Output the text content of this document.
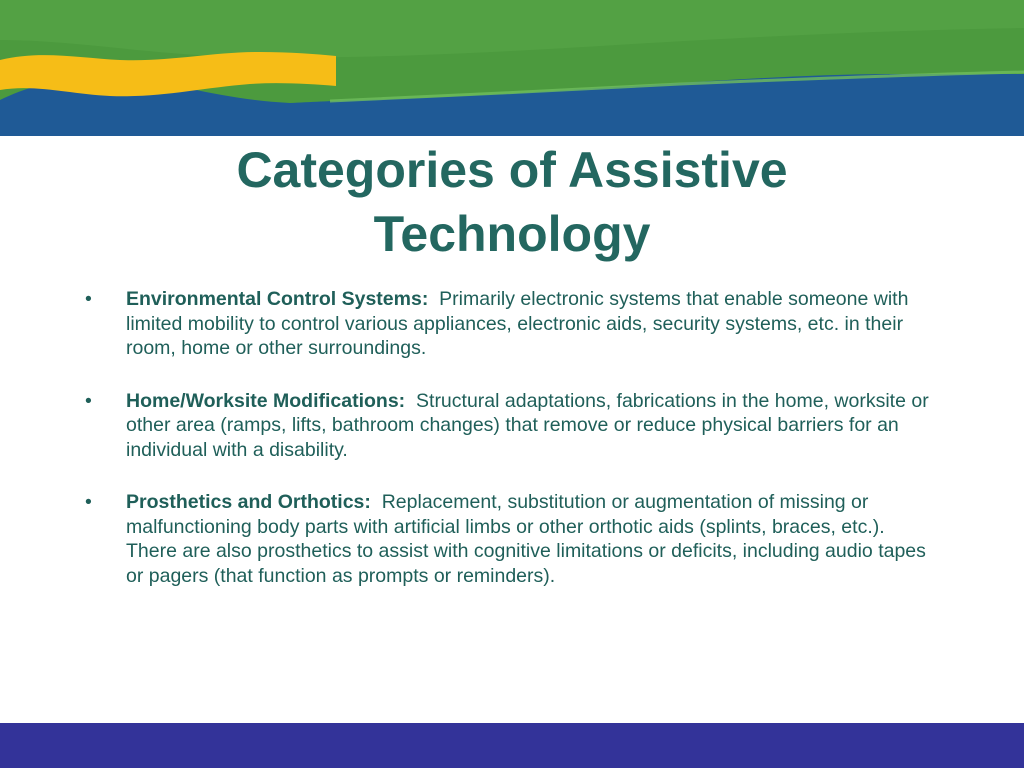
Categories of Assistive Technology
• Environmental Control Systems: Primarily electronic systems that enable someone with limited mobility to control various appliances, electronic aids, security systems, etc. in their room, home or other surroundings.
• Home/Worksite Modifications: Structural adaptations, fabrications in the home, worksite or other area (ramps, lifts, bathroom changes) that remove or reduce physical barriers for an individual with a disability.
• Prosthetics and Orthotics: Replacement, substitution or augmentation of missing or malfunctioning body parts with artificial limbs or other orthotic aids (splints, braces, etc.). There are also prosthetics to assist with cognitive limitations or deficits, including audio tapes or pagers (that function as prompts or reminders).
